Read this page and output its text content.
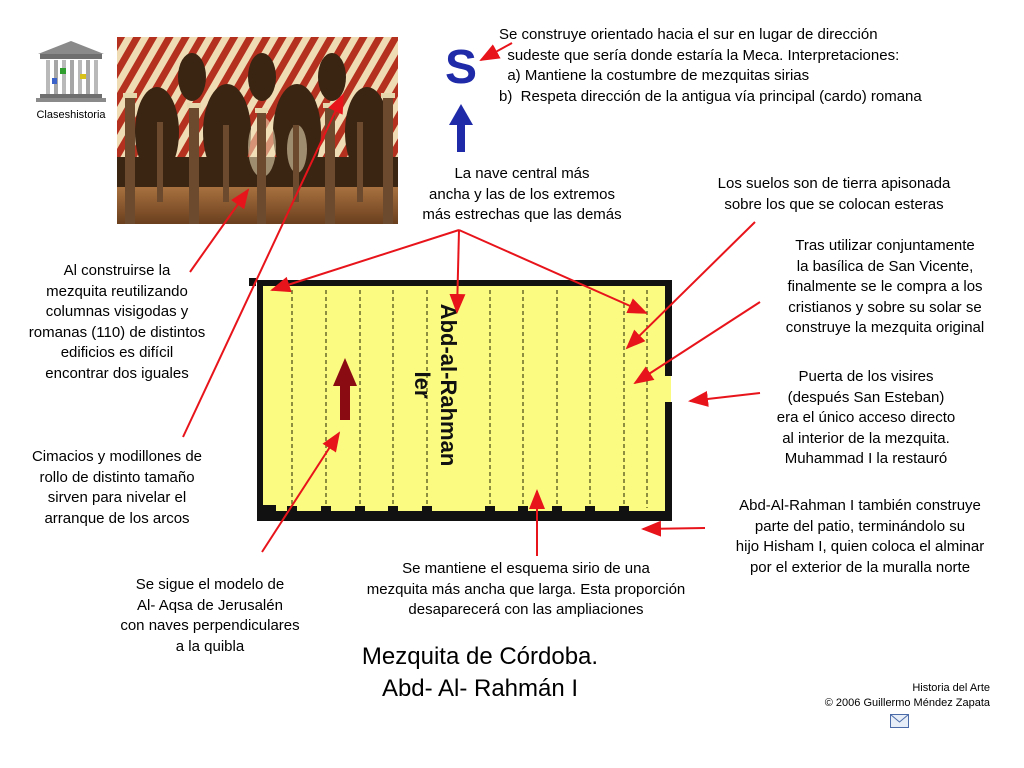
Claseshistoria
S
Abd-al-Rahman
Ier
Se construye orientado hacia el sur en lugar de dirección
sudeste que sería donde estaría la Meca. Interpretaciones:
a) Mantiene la costumbre de mezquitas sirias
b)  Respeta dirección de la antigua vía principal (cardo) romana
La nave central más
ancha y las de los extremos
más estrechas que las demás
Los suelos son de tierra apisonada
sobre los que se colocan esteras
Tras utilizar conjuntamente
la basílica de San Vicente,
finalmente se le compra a los
cristianos y sobre su solar se
construye la mezquita original
Al construirse la
mezquita reutilizando
columnas visigodas y
romanas (110) de distintos
edificios es difícil
encontrar dos iguales	Puerta de los visires
(después San Esteban)
era el único acceso directo
al interior de la mezquita.
Muhammad I la restauró
Cimacios y modillones de
rollo de distinto tamaño
sirven para nivelar el
arranque de los arcos
Abd-Al-Rahman I también construye
parte del patio, terminándolo su
hijo Hisham I, quien coloca el alminar
por el exterior de la muralla norte
Se sigue el modelo de
Al- Aqsa de Jerusalén
con naves perpendiculares
a la quibla
Se mantiene el esquema sirio de una
mezquita más ancha que larga. Esta proporción
desaparecerá con las ampliaciones
Mezquita de Córdoba.
Abd- Al- Rahmán I	Historia del Arte
© 2006 Guillermo Méndez Zapata
